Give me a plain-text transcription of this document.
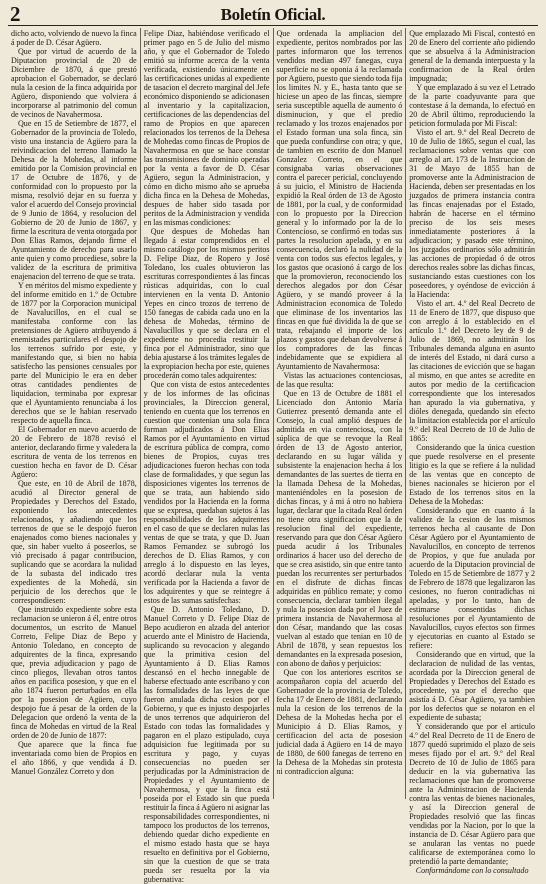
2	Boletín Oficial.

dicho acto, volviendo de nuevo la finca á poder de D. César Agüero.

Que por virtud de acuerdo de la Diputacion provincial de 20 de Diciembre de 1870, á que prestó aprobacion el Gobernador, se declaró nula la cesion de la finca adquirida por Agüero, disponiendo que volviera á incorporarse al patrimonio del comun de vecinos de Navahermosa.

Que en 15 de Setiembre de 1877, el Gobernador de la provincia de Toledo, visto una instancia de Agüero para la reivindicacion del terreno llamado la Dehesa de la Mohedas, al informe emitido por la Comision provincial en 17 de Octubre de 1876, y de conformidad con lo propuesto por la misma, resolvió dejar en su fuerza y valor el acuerdo del Consejo provincial de 9 Junio de 1864, y resolucion del Gobierno de 20 de Junio de 1867, y firme la escritura de venta otorgada por Don Elias Ramos, dejando firme el Ayuntamiento de derecho para usarlo ante quien y como procediese, sobre la validez de la escritura de primitiva enajenacion del terreno de que se trata.

Y en méritos del mismo expediente y del informe emitido en 1.º de Octubre de 1877 por la Corporacion municipal de Navalucillos, en el cual se manifestaba conforme con las pretensiones de Agüero atribuyendo á enemistades particulares el despojo de los terrenos sufrido por este, y manifestando que, si bien no habia satisfecho las pensiones censuales por parte del Municipio le era en deber otras cantidades pendientes de liquidacion, terminaba por expresar que el Ayuntamiento renunciaba á los derechos que se le habian reservado respecto de aquella finca.

El Gobernador en nuevo acuerdo de 20 de Febrero de 1878 revisó el anterior, declarando firme y valedera la escritura de venta de los terrenos en cuestion hecha en favor de D. César Agüero:

Que este, en 10 de Abril de 1878, acudió al Director general de Propiedades y Derechos del Estado, exponiendo los antecedentes relacionados, y añadiendo que los terrenos de que se le despojó fueron enajenados como bienes nacionales y que, sin haber vuelto á poseerlos, se vió precisado á pagar contribucion, suplicando que se acordara la nulidad de la subasta del indicado tres expedientes de la Mohedá, sin perjuicio de los derechos que le correspondiesen:

Que instruido expediente sobre esta reclamacion se unieron á él, entre otros documentos, un escrito de Manuel Correto, Felipe Diaz de Bepo y Antonio Toledano, en concepto de adquirentes de la finca, expresando que, previa adjudicacion y pago de cinco pliegos, llevaban otros tantos años en pacifica posesion, y que en el año 1874 fueron perturbados en ella por la posesion de Agüero, cuyo despojo fue á pesar de la orden de la Delegacion que ordenó la venta de la finca de Mohedas en virtud de la Real orden de 20 de Junio de 1877:

Que aparece que la finca fue inventariada como bien de Propios en el año 1866, y que vendida á D. Manuel González Correto y don

Felipe Diaz, habiéndose verificado el primer pago en 5 de Julio del mismo año, y que el Gobernador de Toledo emitió su informe acerca de la venta verificada, existiendo únicamente en las certificaciones unidas al expediente de tasacion el decreto marginal del Jefe económico disponiendo se adicionasen al inventario y la capitalizacion, certificaciones de las dependencias del ramo de Propios en que aparecen relacionados los terrenos de la Dehesa de Mohedas como fincas de Propios de Navahermosa en que se hace constar las transmisiones de dominio operadas por la venta a favor de D. César Agüero, segun la Administracion, y cómo en dicho mismo año se aprueba dicha finca en la Dehesa de Mohedas, despues de haber sido tasada por peritos de la Administracion y vendida en las mismas condiciones:

Que despues de Mohedas han llegado á estar comprendidos en el mismo catálogo por los mismos peritos D. Felipe Diaz, de Ropero y José Toledano, los cuales obtuvieron las escrituras correspondientes á las fincas rústicas adquiridas, con lo cual intervienen en la venta D. Antonio Yepes en cinco trozos de terreno de 150 fanegas de cabida cada uno en la dehesa de Mohedas, término de Navalucillos y que se declara en el expediente no procedia restituir la finca por el Administrador, sino que debia ajustarse á los trámites legales de la expropiacion hecha por este, quienes procederán como tales adquirentes:

Que con vista de estos antecedentes y de los informes de las oficinas provinciales, la Direccion general, teniendo en cuenta que los terrenos en cuestion que contenian una sola finca forman adjudicados á Don Elias Ramos por el Ayuntamiento en virtud de escritura pública de compra, como bienes de Propios, cuyas tres adjudicaciones fueron hechas con toda clase de formalidades, y que segun las disposiciones vigentes los terrenos de que se trata, aun habiendo sido vendidos por la Hacienda en la forma que se expresa, quedaban sujetos á las responsabilidades de los adquirentes en el caso de que se declaren nulas las ventas de que se trata, y que D. Juan Ramos Fernandez se subrogó los derechos de D. Elias Ramos, y con arreglo á lo dispuesto en las leyes, acordó declarar nula la venta verificada por la Hacienda a favor de los adquirentes y que se reintegre á estos de las sumas satisfechas:

Que D. Antonio Toledano, D. Manuel Correto y D. Felipe Diaz de Bepo acudieron en alzada del anterior acuerdo ante el Ministro de Hacienda, suplicando su revocacion y alegando que la primitiva cesion del Ayuntamiento á D. Elias Ramos descansó en el hecho innegable de haberse efectuado ante escribano y con las formalidades de las leyes de que fueron anulada dicha cesion por el Gobierno, y que es injusto despojarles de unos terrenos que adquirieron del Estado con todas las formalidades y pagaron en el plazo estipulado, cuya adquisicion fue legitimada por su escritura y pago, y cuyas consecuencias no pueden ser perjudicadas por la Administracion de Propiedades y el Ayuntamiento de Navahermosa, y que la finca está poseida por el Estado sin que pueda restituir la finca á Agüero ni asignar las responsabilidades correspondientes, ni tampoco los productos de los terrenos, debiendo quedar dicho expediente en el mismo estado hasta que se haya resuelto en definitiva por el Gobierno, sin que la cuestion de que se trata pueda ser resuelta por la via gubernativa:

Que ordenada la ampliacion del expediente, peritos nombrados por las partes informaron que los terrenos vendidos median 497 fanegas, cuya superficie no se oponia á la reclamada por Agüero, puesto que siendo toda fija los limites N. y E., hasta tanto que se hiciese un apeo de las fincas, siempre seria susceptible aquella de aumento ó disminucion, y que el predio reclamado y los trozos enajenados por el Estado forman una sola finca, sin que pueda confundirse con otra; y que, de tambien en escrito de don Manuel Gonzalez Correto, en el que consignaba varias observaciones contra el parecer pericial, concluyendo á su juicio, el Ministro de Hacienda expidió la Real órden de 13 de Agosto de 1881, por la cual, y de conformidad con lo propuesto por la Direccion general y lo informado por la de lo Contencioso, se confirmó en todas sus partes la resolucion apelada, y en su consecuencia, declaró la nulidad de la venta con todos sus efectos legales, y los gastos que ocasionó á cargo de los que la promovieron, reconociendo los derechos alegados por don César Agüero, y se mandó proveer á la Administracion economica de Toledo que eliminase de los inventarios las fincas en que fué dividida la de que se trata, rebajando el importe de los plazos y gastos que deban devolverse á los compradores de las fincas indebidamente que se expidiera al Ayuntamiento de Navahermosa:

Vistas las actuaciones contenciosas, de las que resulta:

Que en 13 de Octubre de 1881 el Licenciado don Antonio María Gutierrez presentó demanda ante el Consejo, la cual amplió despues de admitida en via contenciosa, con la súplica de que se revoque la Real órden de 13 de Agosto anterior, declarando en su lugar válida y subsistente la enajenacion hecha á los demandantes de las suertes de tierra en la llamada Dehesa de la Mohedas, manteniéndoles en la posesion de dichas fincas, y á mi á otro no habiera lugar, declarar que la citada Real órden no tiene otra significacion que la de resolucion final del expediente, reservando para que don César Agüero pueda acudir á los Tribunales ordinarios á hacer uso del derecho de que se crea asistido, sin que entre tanto puedan los recurrentes ser perturbados en el disfrute de dichas fincas adquiridas en público remate; y como consecuencia, declarar tambien ilegal y nula la posesion dada por el Juez de primera instancia de Navahermosa al don César, mandando que las cosas vuelvan al estado que tenian en 10 de Abril de 1878, y sean repuestos los demandantes en la expresada posesion, con abono de daños y perjuicios:

Que con los anteriores escritos se acompañaron copia del acuerdo del Gobernador de la provincia de Toledo, fecha 17 de Enero de 1881, declarando nula la cesion de los terrenos de la Dehesa de la Mohedas hecha por el Municipio á D. Elias Ramos, y certificacion del acta de posesion judicial dada á Agüero en 14 de mayo de 1880, de 600 fanegas de terreno en la Dehesa de la Mohedas sin protesta ni contradiccion alguna:

Que emplazado Mi Fiscal, contestó en 20 de Enero del corriente año pidiendo que se absuelva á la Administracion general de la demanda interpuesta y la confirmacion de la Real órden impugnada;

Y que emplazado á su vez el Letrado de la parte coadyuvante para que contestase á la demanda, lo efectuó en 20 de Abril último, reproduciendo la peticion formulada por Mi Fiscal:

Visto el art. 9.º del Real Decreto de 10 de Julio de 1865, segun el cual, las reclamaciones sobre ventas que con arreglo al art. 173 de la Instruccion de 31 de Mayo de 1855 han de promoverse ante la Administracion de Hacienda, deben ser presentadas en los juzgados de primera instancia contra las fincas enajenadas por el Estado, habrán de hacerse en el término preciso de los seis meses inmediatamente posteriores á la adjudicacion; y pasado este término, los juzgados ordinarios sólo admitirán las acciones de propiedad ó de otros derechos reales sobre las dichas fincas, sustanciando estas cuestiones con los poseedores, y oyéndose de evicción á la Hacienda:

Visto el art. 4.º del Real Decreto de 11 de Enero de 1877, que dispuso que con arreglo á lo establecido en el artículo 1.º del Decreto ley de 9 de Julio de 1869, no admitirán los Tribunales demanda alguna en asunto de interés del Estado, ni dará curso a las citaciones de evicción que se hagan al mismo, en que antes se acredite en autos por medio de la certificacion correspondiente que los interesados han apurado la via gubernativa, y dióles denegada, quedando sin efecto la limitacion establecida por el artículo 9.º del Real Decreto de 10 de Julio de 1865:

Considerando que la única cuestion que puede resolverse en el presente litigio es la que se refiere á la nulidad de las ventas que en concepto de bienes nacionales se hicieron por el Estado de los terrenos sitos en la Dehesa de la Mohedas:

Considerando que en cuanto á la validez de la cesion de los mismos terrenos hecha al causante de Don César Agüero por el Ayuntamiento de Navalucillos, en concepto de terrenos de Propios, y que fue anulada por acuerdo de la Diputacion provincial de Toledo en 15 de Setiembre de 1877 y 2 de Febrero de 1878 que legalizaron las cesiones, no fueron contradichas ni apeladas, y por lo tanto, han de estimarse consentidas dichas resoluciones por el Ayuntamiento de Navalucillos, cuyos efectos son firmes y ejecutorias en cuanto al Estado se refiere:

Considerando que en virtud, que la declaracion de nulidad de las ventas, acordada por la Direccion general de Propiedades y Derechos del Estado es procedente, ya por el derecho que asistía á D. César Agüero, ya tambien por los defectos que se notaron en el expediente de subasta;

Y considerando que por el articulo 4.º del Real Decreto de 11 de Enero de 1877 quedó suprimido el plazo de seis meses fijado por el art. 9.º del Real Decreto de 10 de Julio de 1865 para deducir en la via gubernativa las reclamaciones que han de promoverse ante la Administracion de Hacienda contra las ventas de bienes nacionales, y así la Direccion general de Propiedades resolvió que las fincas vendidas por la Nacion, por lo que la instancia de D. César Agüero para que se anularan las ventas no puede calificarse de extemporánea como lo pretendió la parte demandante;

Conformándome con lo consultado
